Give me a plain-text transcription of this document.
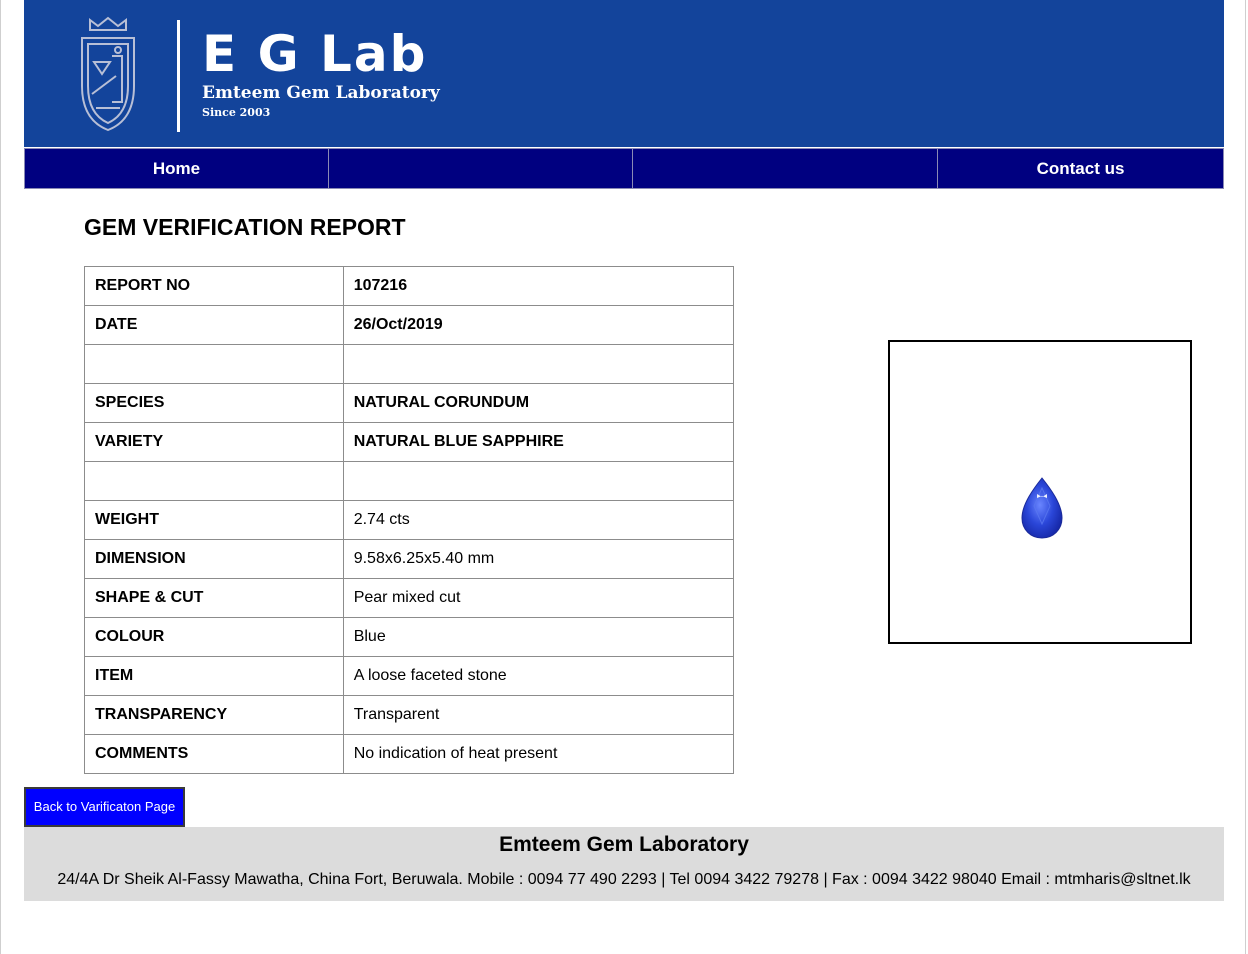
E G Lab
Emteem Gem Laboratory
Since 2003
Home	Contact us
GEM VERIFICATION REPORT
REPORT NO	107216
DATE	26/Oct/2019

SPECIES	NATURAL CORUNDUM
VARIETY	NATURAL BLUE SAPPHIRE

WEIGHT	2.74 cts
DIMENSION	9.58x6.25x5.40 mm
SHAPE & CUT	Pear mixed cut
COLOUR	Blue
ITEM	A loose faceted stone
TRANSPARENCY	Transparent
COMMENTS	No indication of heat present
Back to Varificaton Page
Emteem Gem Laboratory
24/4A Dr Sheik Al-Fassy Mawatha, China Fort, Beruwala. Mobile : 0094 77 490 2293 | Tel 0094 3422 79278 | Fax : 0094 3422 98040 Email : mtmharis@sltnet.lk
